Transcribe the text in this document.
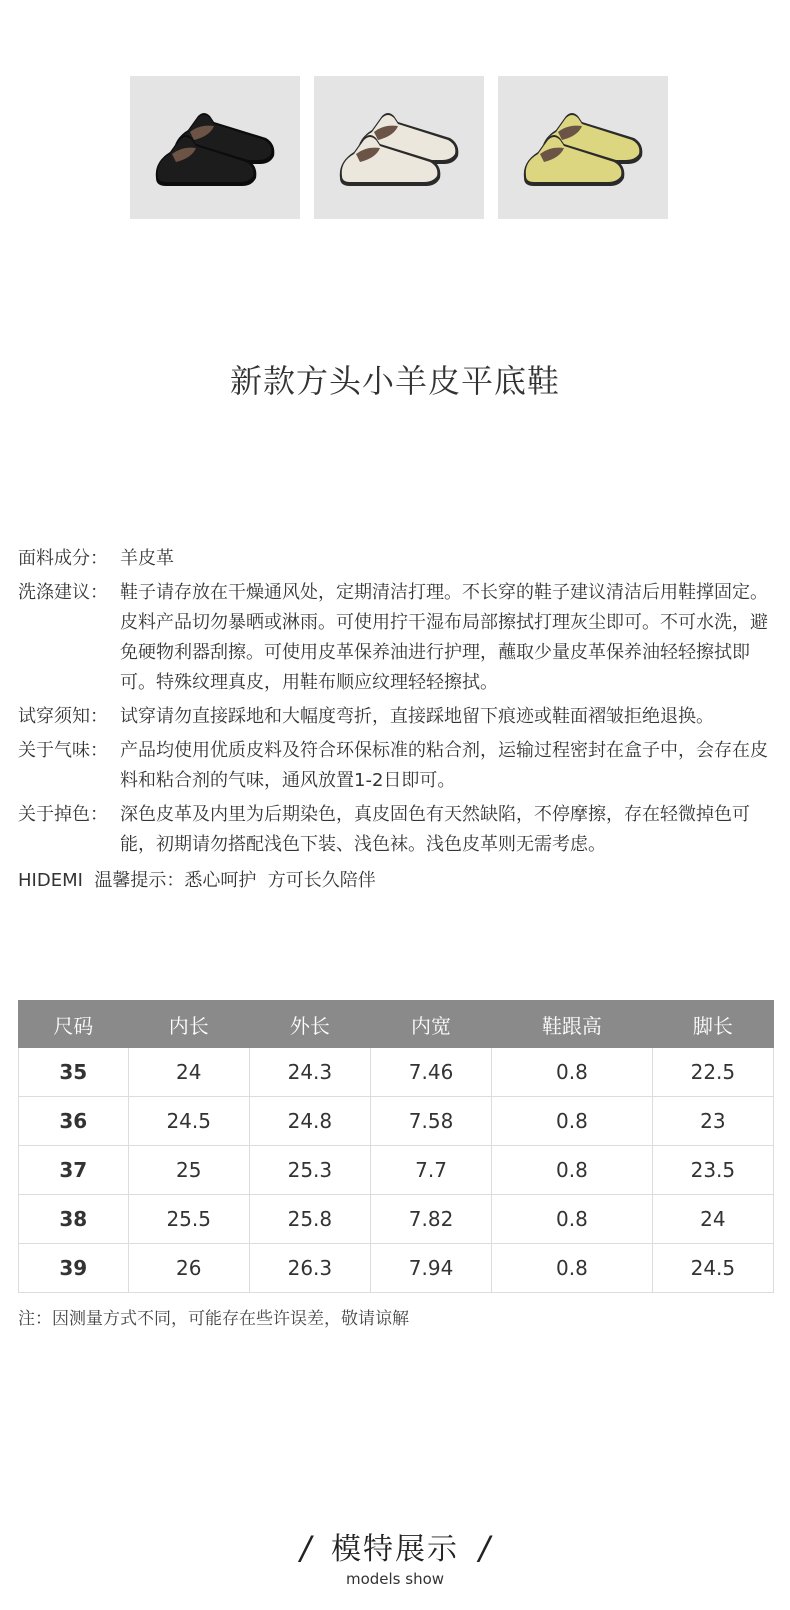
新款方头小羊皮平底鞋
面料成分： 羊皮革
洗涤建议： 鞋子请存放在干燥通风处，定期清洁打理。不长穿的鞋子建议清洁后用鞋撑固定。皮料产品切勿暴晒或淋雨。可使用拧干湿布局部擦拭打理灰尘即可。不可水洗，避免硬物利器刮擦。可使用皮革保养油进行护理，蘸取少量皮革保养油轻轻擦拭即可。特殊纹理真皮，用鞋布顺应纹理轻轻擦拭。
试穿须知： 试穿请勿直接踩地和大幅度弯折，直接踩地留下痕迹或鞋面褶皱拒绝退换。
关于气味： 产品均使用优质皮料及符合环保标准的粘合剂，运输过程密封在盒子中，会存在皮料和粘合剂的气味，通风放置1-2日即可。
关于掉色： 深色皮革及内里为后期染色，真皮固色有天然缺陷，不停摩擦，存在轻微掉色可能，初期请勿搭配浅色下装、浅色袜。浅色皮革则无需考虑。
HIDEMI  温馨提示：悉心呵护  方可长久陪伴
尺码	内长	外长	内宽	鞋跟高	脚长
35	24	24.3	7.46	0.8	22.5
36	24.5	24.8	7.58	0.8	23
37	25	25.3	7.7	0.8	23.5
38	25.5	25.8	7.82	0.8	24
39	26	26.3	7.94	0.8	24.5
注：因测量方式不同，可能存在些许误差，敬请谅解
/ 模特展示 /
models show
